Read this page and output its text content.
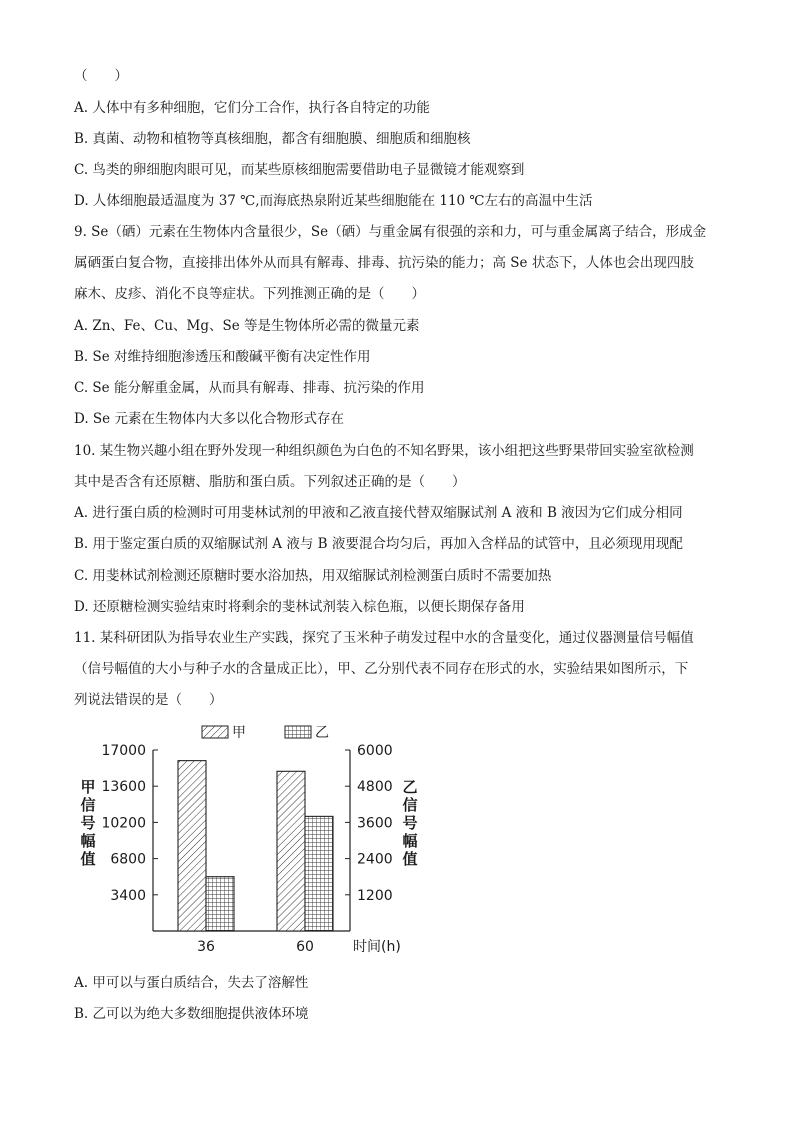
（　　）
A. 人体中有多种细胞，它们分工合作，执行各自特定的功能
B. 真菌、动物和植物等真核细胞，都含有细胞膜、细胞质和细胞核
C. 鸟类的卵细胞肉眼可见，而某些原核细胞需要借助电子显微镜才能观察到
D. 人体细胞最适温度为 37 ℃,而海底热泉附近某些细胞能在 110 ℃左右的高温中生活
9. Se（硒）元素在生物体内含量很少，Se（硒）与重金属有很强的亲和力，可与重金属离子结合，形成金
属硒蛋白复合物，直接排出体外从而具有解毒、排毒、抗污染的能力；高 Se 状态下，人体也会出现四肢
麻木、皮疹、消化不良等症状。下列推测正确的是（　　）
A. Zn、Fe、Cu、Mg、Se 等是生物体所必需的微量元素
B. Se 对维持细胞渗透压和酸碱平衡有决定性作用
C. Se 能分解重金属，从而具有解毒、排毒、抗污染的作用
D. Se 元素在生物体内大多以化合物形式存在
10. 某生物兴趣小组在野外发现一种组织颜色为白色的不知名野果，该小组把这些野果带回实验室欲检测
其中是否含有还原糖、脂肪和蛋白质。下列叙述正确的是（　　）
A. 进行蛋白质的检测时可用斐林试剂的甲液和乙液直接代替双缩脲试剂 A 液和 B 液因为它们成分相同
B. 用于鉴定蛋白质的双缩脲试剂 A 液与 B 液要混合均匀后，再加入含样品的试管中，且必须现用现配
C. 用斐林试剂检测还原糖时要水浴加热，用双缩脲试剂检测蛋白质时不需要加热
D. 还原糖检测实验结束时将剩余的斐林试剂装入棕色瓶，以便长期保存备用
11. 某科研团队为指导农业生产实践，探究了玉米种子萌发过程中水的含量变化，通过仪器测量信号幅值
（信号幅值的大小与种子水的含量成正比），甲、乙分别代表不同存在形式的水，实验结果如图所示，下
列说法错误的是（　　）
3400
6800
10200
13600
17000
1200
2400
3600
4800
6000
甲
信
号
幅
值
乙
信
号
幅
值
36	60	时间(h)
甲	乙
A. 甲可以与蛋白质结合，失去了溶解性
B. 乙可以为绝大多数细胞提供液体环境
